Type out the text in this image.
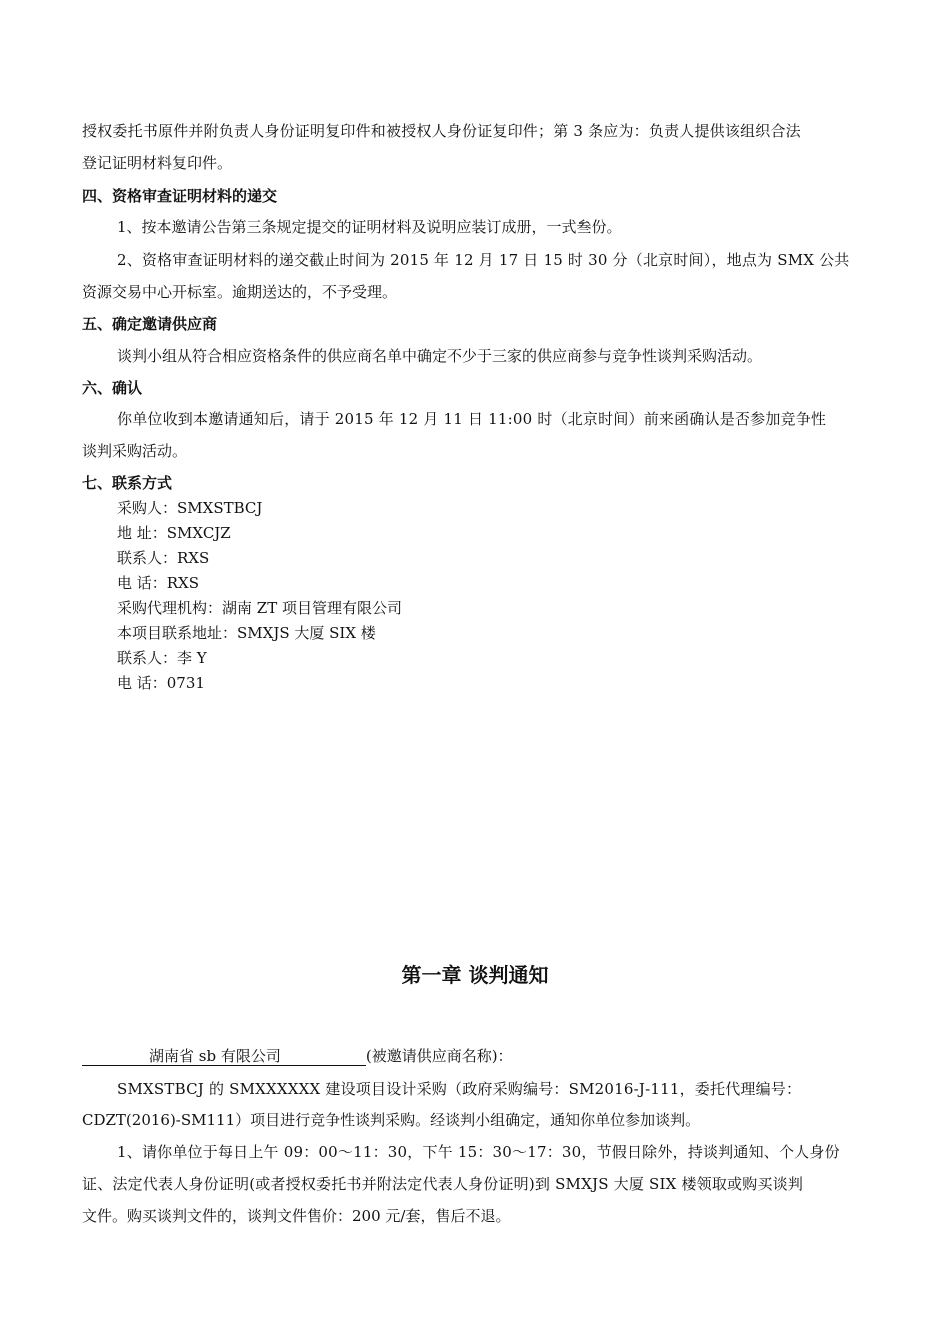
授权委托书原件并附负责人身份证明复印件和被授权人身份证复印件；第 3 条应为：负责人提供该组织合法
登记证明材料复印件。
四、资格审查证明材料的递交
1、按本邀请公告第三条规定提交的证明材料及说明应装订成册，一式叁份。
2、资格审查证明材料的递交截止时间为 2015 年 12 月 17 日 15 时 30 分（北京时间），地点为 SMX 公共
资源交易中心开标室。逾期送达的，不予受理。
五、确定邀请供应商
谈判小组从符合相应资格条件的供应商名单中确定不少于三家的供应商参与竞争性谈判采购活动。
六、确认
你单位收到本邀请通知后，请于 2015 年 12 月 11 日 11:00 时（北京时间）前来函确认是否参加竞争性
谈判采购活动。
七、联系方式
采购人：SMXSTBCJ
地 址：SMXCJZ
联系人：RXS
电 话：RXS
采购代理机构：湖南 ZT 项目管理有限公司
本项目联系地址：SMXJS 大厦 SIX 楼
联系人：李 Y
电 话：0731
第一章 谈判通知
湖南省 sb 有限公司	(被邀请供应商名称)：
SMXSTBCJ 的 SMXXXXXX 建设项目设计采购（政府采购编号：SM2016-J-111，委托代理编号：
CDZT(2016)-SM111）项目进行竞争性谈判采购。经谈判小组确定，通知你单位参加谈判。
1、请你单位于每日上午 09：00～11：30，下午 15：30～17：30，节假日除外，持谈判通知、个人身份
证、法定代表人身份证明(或者授权委托书并附法定代表人身份证明)到 SMXJS 大厦 SIX 楼领取或购买谈判
文件。购买谈判文件的，谈判文件售价：200 元/套，售后不退。
